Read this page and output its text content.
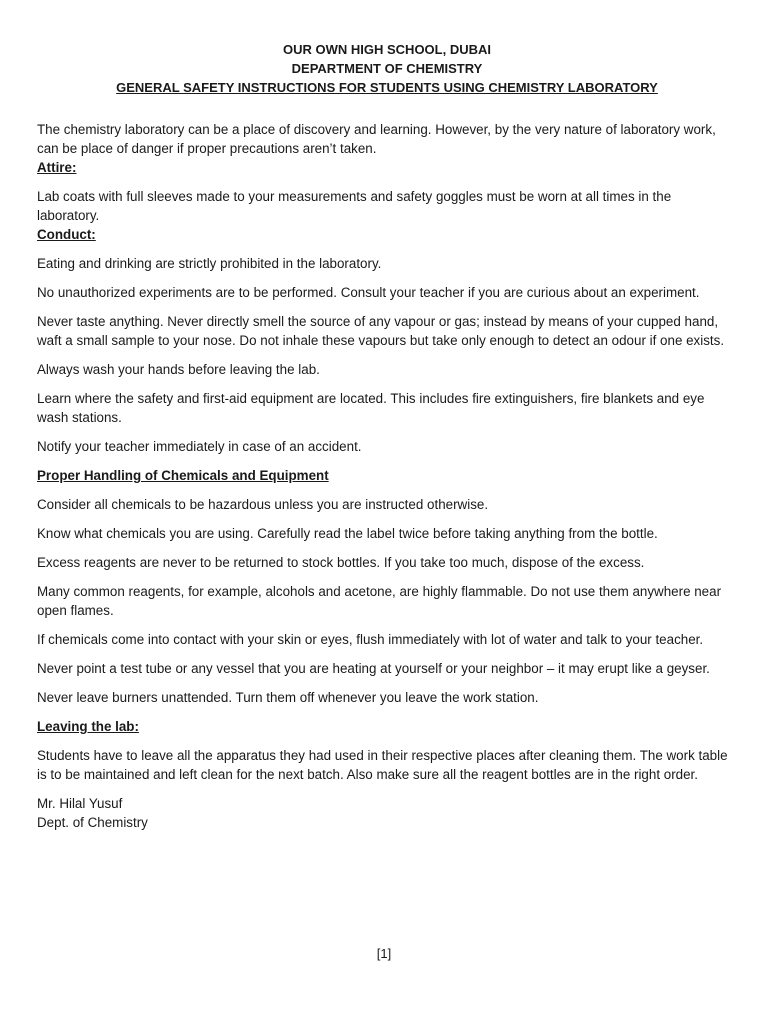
OUR OWN HIGH SCHOOL, DUBAI
DEPARTMENT OF CHEMISTRY
GENERAL SAFETY INSTRUCTIONS FOR STUDENTS USING CHEMISTRY LABORATORY

The chemistry laboratory can be a place of discovery and learning. However, by the very nature of laboratory work, can be place of danger if proper precautions aren’t taken.

Attire:

Lab coats with full sleeves made to your measurements and safety goggles must be worn at all times in the laboratory.

Conduct:

Eating and drinking are strictly prohibited in the laboratory.

No unauthorized experiments are to be performed. Consult your teacher if you are curious about an experiment.

Never taste anything. Never directly smell the source of any vapour or gas; instead by means of your cupped hand, waft a small sample to your nose. Do not inhale these vapours but take only enough to detect an odour if one exists.

Always wash your hands before leaving the lab.

Learn where the safety and first-aid equipment are located. This includes fire extinguishers, fire blankets and eye wash stations.

Notify your teacher immediately in case of an accident.

Proper Handling of Chemicals and Equipment

Consider all chemicals to be hazardous unless you are instructed otherwise.

Know what chemicals you are using. Carefully read the label twice before taking anything from the bottle.

Excess reagents are never to be returned to stock bottles. If you take too much, dispose of the excess.

Many common reagents, for example, alcohols and acetone, are highly flammable. Do not use them anywhere near open flames.

If chemicals come into contact with your skin or eyes, flush immediately with lot of water and talk to your teacher.

Never point a test tube or any vessel that you are heating at yourself or your neighbor – it may erupt like a geyser.

Never leave burners unattended. Turn them off whenever you leave the work station.

Leaving the lab:

Students have to leave all the apparatus they had used in their respective places after cleaning them. The work table is to be maintained and left clean for the next batch. Also make sure all the reagent bottles are in the right order.

Mr. Hilal Yusuf

Dept. of Chemistry

[1]
